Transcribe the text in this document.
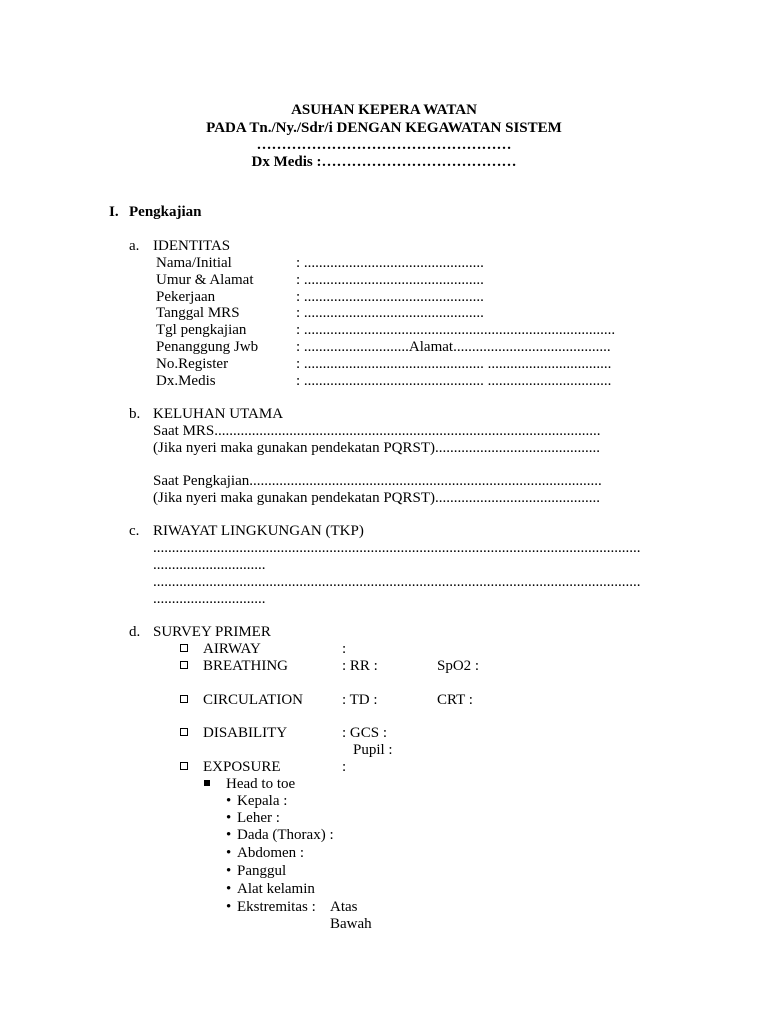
ASUHAN KEPERA WATAN
PADA Tn./Ny./Sdr/i DENGAN KEGAWATAN SISTEM
……………………………………………
Dx Medis :…………………………………
I. Pengkajian
a. IDENTITAS
Nama/Initial	: ................................................
Umur & Alamat	: ................................................
Pekerjaan	: ................................................
Tanggal MRS	: ................................................
Tgl pengkajian	: ...................................................................................
Penanggung Jwb	: ............................Alamat..........................................
No.Register	: ................................................ .................................
Dx.Medis	: ................................................ .................................
b. KELUHAN UTAMA
Saat MRS.......................................................................................................
(Jika nyeri maka gunakan pendekatan PQRST)............................................
Saat Pengkajian..............................................................................................
(Jika nyeri maka gunakan pendekatan PQRST)............................................
c. RIWAYAT LINGKUNGAN (TKP)
..................................................................................................................................
..............................
..................................................................................................................................
..............................
d. SURVEY PRIMER
AIRWAY	:
BREATHING	: RR :	SpO2 :
CIRCULATION	: TD :	CRT :
DISABILITY	: GCS :
Pupil :
EXPOSURE	:
Head to toe
• Kepala :
• Leher :
• Dada (Thorax) :
• Abdomen :
• Panggul
• Alat kelamin
• Ekstremitas : Atas
Bawah
